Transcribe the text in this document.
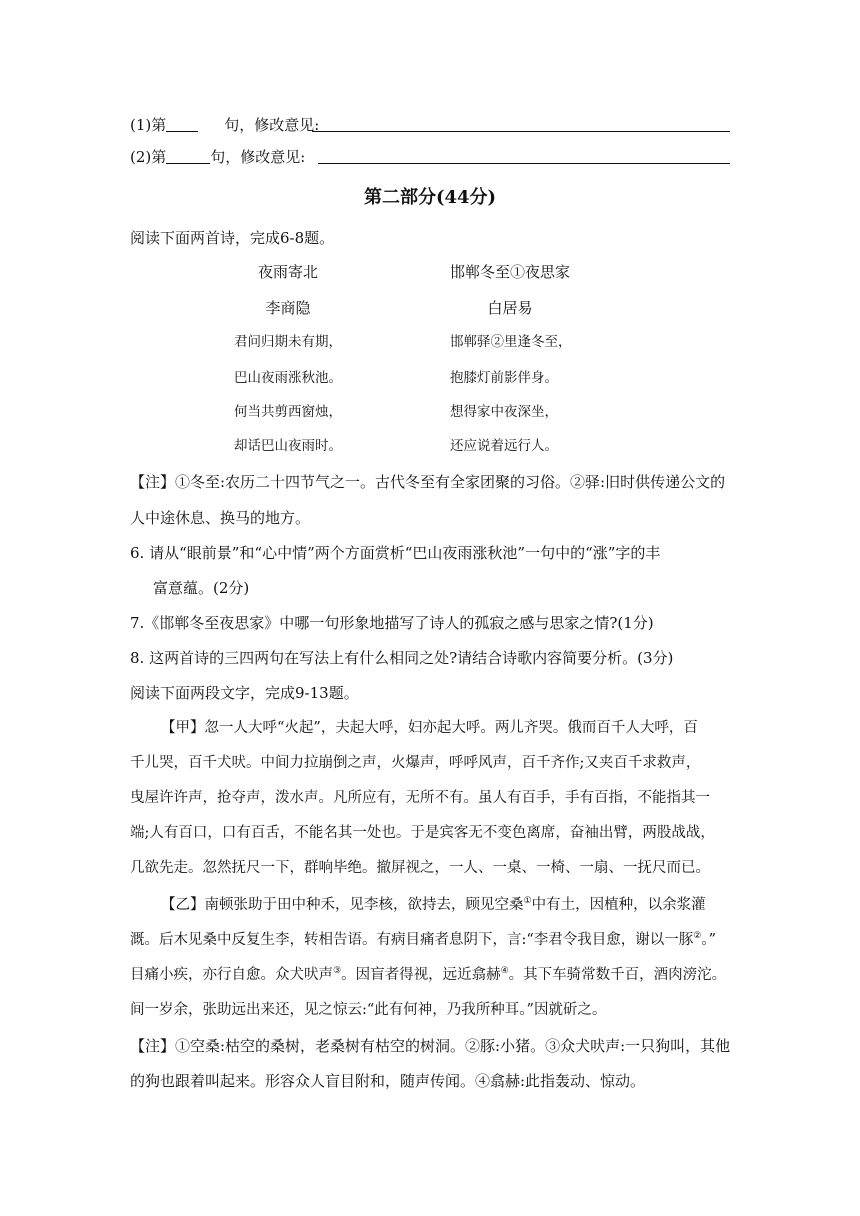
(1)第	句，修改意见:
(2)第	句，修改意见:
第二部分(44分)
阅读下面两首诗，完成6-8题。
夜雨寄北
李商隐
君问归期未有期，
巴山夜雨涨秋池。
何当共剪西窗烛，
却话巴山夜雨时。
邯郸冬至①夜思家
白居易
邯郸驿②里逢冬至，
抱膝灯前影伴身。
想得家中夜深坐，
还应说着远行人。
【注】①冬至:农历二十四节气之一。古代冬至有全家团聚的习俗。②驿:旧时供传递公文的
人中途休息、换马的地方。
6. 请从“眼前景”和“心中情”两个方面赏析“巴山夜雨涨秋池”一句中的“涨”字的丰
富意蕴。(2分)
7.《邯郸冬至夜思家》中哪一句形象地描写了诗人的孤寂之感与思家之情?(1分)
8. 这两首诗的三四两句在写法上有什么相同之处?请结合诗歌内容简要分析。(3分)
阅读下面两段文字，完成9-13题。
【甲】忽一人大呼“火起”，夫起大呼，妇亦起大呼。两儿齐哭。俄而百千人大呼，百
千儿哭，百千犬吠。中间力拉崩倒之声，火爆声，呼呼风声，百千齐作;又夹百千求救声，
曳屋许许声，抢夺声，泼水声。凡所应有，无所不有。虽人有百手，手有百指，不能指其一
端;人有百口，口有百舌，不能名其一处也。于是宾客无不变色离席，奋袖出臂，两股战战，
几欲先走。忽然抚尺一下，群响毕绝。撤屏视之，一人、一桌、一椅、一扇、一抚尺而已。
【乙】南顿张助于田中种禾，见李核，欲持去，顾见空桑①中有土，因植种，以余浆灌
溉。后木见桑中反复生李，转相告语。有病目痛者息阴下，言:“李君令我目愈，谢以一豚②。”
目痛小疾，亦行自愈。众犬吠声③。因盲者得视，远近翕赫④。其下车骑常数千百，酒肉滂沱。
间一岁余，张助远出来还，见之惊云:“此有何神，乃我所种耳。”因就斫之。
【注】①空桑:枯空的桑树，老桑树有枯空的树洞。②豚:小猪。③众犬吠声:一只狗叫，其他
的狗也跟着叫起来。形容众人盲目附和，随声传闻。④翕赫:此指轰动、惊动。
